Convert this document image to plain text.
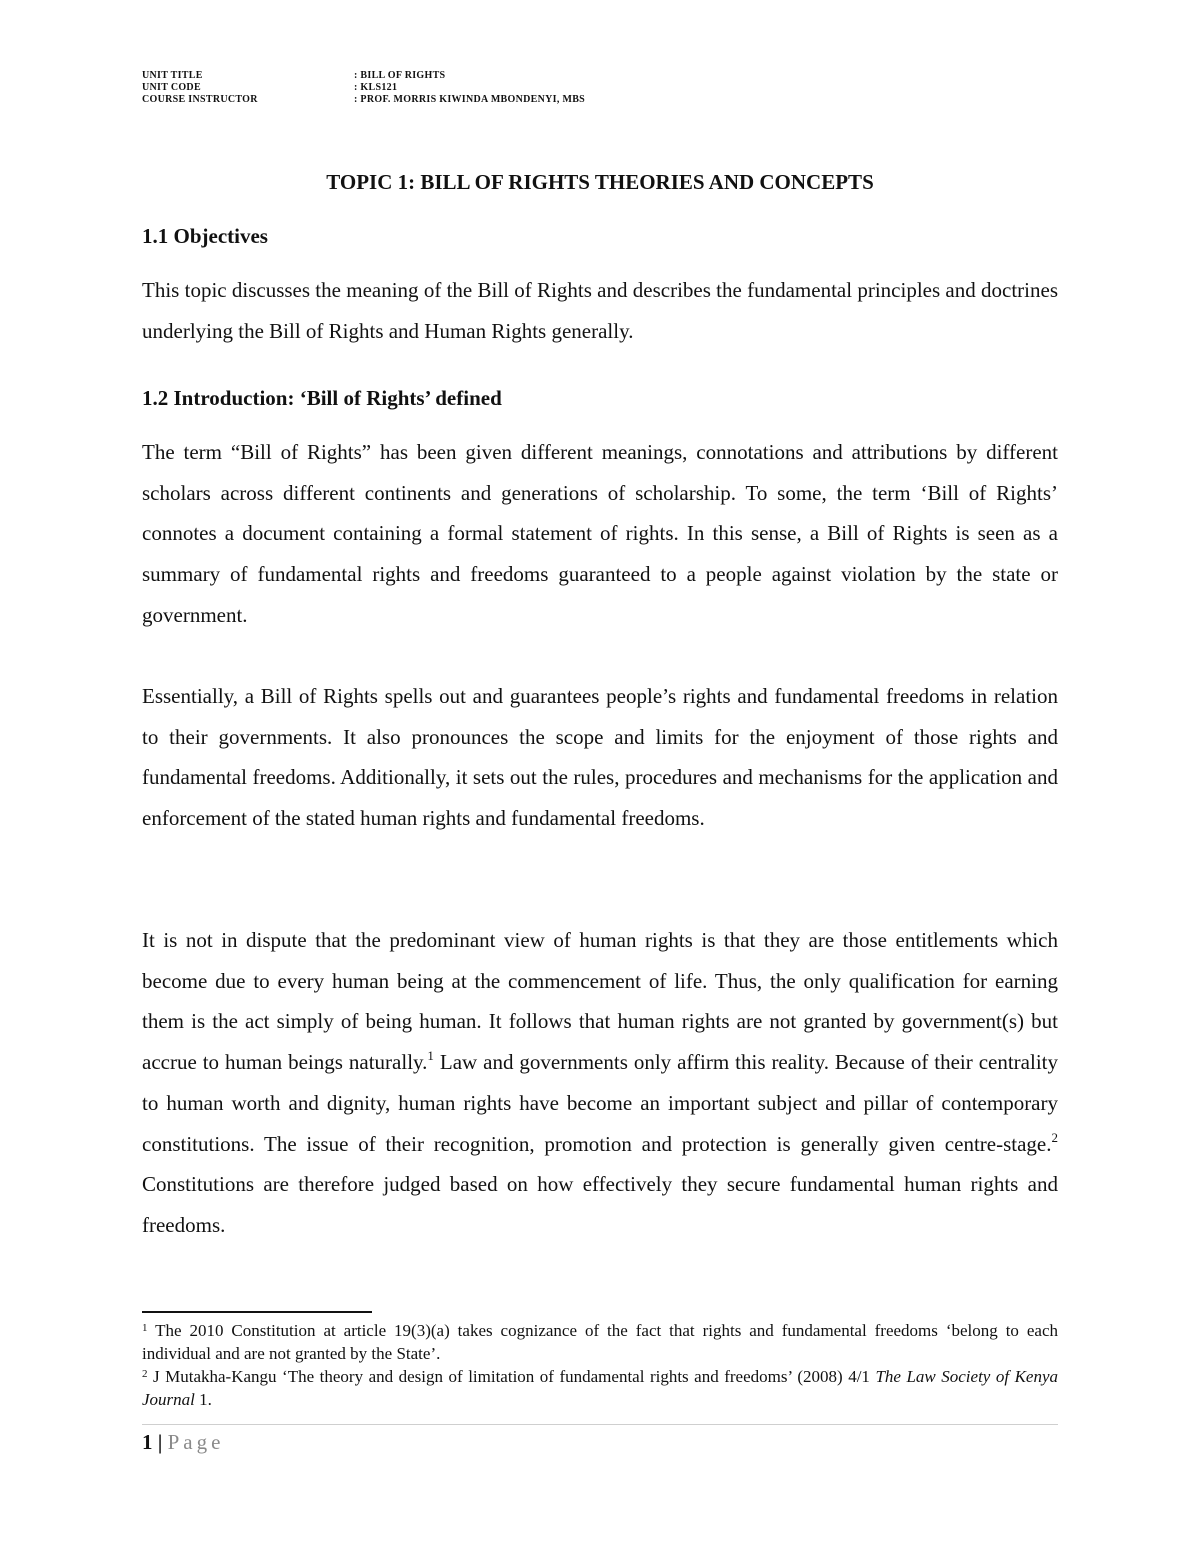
UNIT TITLE	: BILL OF RIGHTS
UNIT CODE	: KLS121
COURSE INSTRUCTOR	: PROF. MORRIS KIWINDA MBONDENYI, MBS
TOPIC 1: BILL OF RIGHTS THEORIES AND CONCEPTS
1.1 Objectives

This topic discusses the meaning of the Bill of Rights and describes the fundamental principles and doctrines underlying the Bill of Rights and Human Rights generally.

1.2 Introduction: ‘Bill of Rights’ defined

The term “Bill of Rights” has been given different meanings, connotations and attributions by different scholars across different continents and generations of scholarship. To some, the term ‘Bill of Rights’ connotes a document containing a formal statement of rights. In this sense, a Bill of Rights is seen as a summary of fundamental rights and freedoms guaranteed to a people against violation by the state or government.

Essentially, a Bill of Rights spells out and guarantees people’s rights and fundamental freedoms in relation to their governments. It also pronounces the scope and limits for the enjoyment of those rights and fundamental freedoms. Additionally, it sets out the rules, procedures and mechanisms for the application and enforcement of the stated human rights and fundamental freedoms.

It is not in dispute that the predominant view of human rights is that they are those entitlements which become due to every human being at the commencement of life. Thus, the only qualification for earning them is the act simply of being human. It follows that human rights are not granted by government(s) but accrue to human beings naturally.$^1$ Law and governments only affirm this reality. Because of their centrality to human worth and dignity, human rights have become an important subject and pillar of contemporary constitutions. The issue of their recognition, promotion and protection is generally given centre-stage.$^2$ Constitutions are therefore judged based on how effectively they secure fundamental human rights and freedoms.

$^1$ The 2010 Constitution at article 19(3)(a) takes cognizance of the fact that rights and fundamental freedoms ‘belong to each individual and are not granted by the State’.

$^2$ J Mutakha-Kangu ‘The theory and design of limitation of fundamental rights and freedoms’ (2008) 4/1 The Law Society of Kenya Journal 1.

1 | Page
